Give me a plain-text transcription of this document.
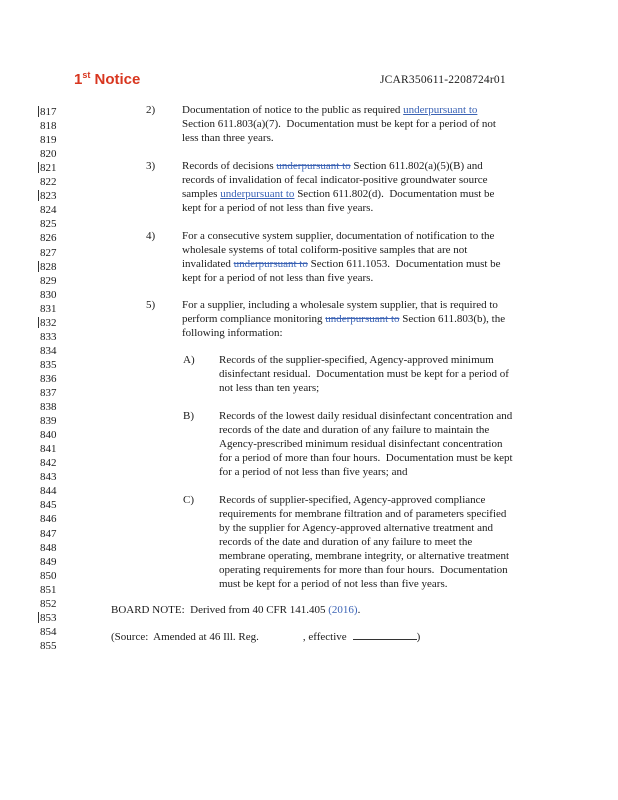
1st Notice	JCAR350611-2208724r01
817
818
819
820
821
822
823
824
825
826
827
828
829
830
831
832
833
834
835
836
837
838
839
840
841
842
843
844
845
846
847
848
849
850
851
852
853
854
855
2) Documentation of notice to the public as required underpursuant to
Section 611.803(a)(7).  Documentation must be kept for a period of not
less than three years.
3) Records of decisions underpursuant to Section 611.802(a)(5)(B) and
records of invalidation of fecal indicator-positive groundwater source
samples underpursuant to Section 611.802(d).  Documentation must be
kept for a period of not less than five years.
4) For a consecutive system supplier, documentation of notification to the
wholesale systems of total coliform-positive samples that are not
invalidated underpursuant to Section 611.1053.  Documentation must be
kept for a period of not less than five years.
5) For a supplier, including a wholesale system supplier, that is required to
perform compliance monitoring underpursuant to Section 611.803(b), the
following information:
A) Records of the supplier-specified, Agency-approved minimum
disinfectant residual.  Documentation must be kept for a period of
not less than ten years;
B) Records of the lowest daily residual disinfectant concentration and
records of the date and duration of any failure to maintain the
Agency-prescribed minimum residual disinfectant concentration
for a period of more than four hours.  Documentation must be kept
for a period of not less than five years; and
C) Records of supplier-specified, Agency-approved compliance
requirements for membrane filtration and of parameters specified
by the supplier for Agency-approved alternative treatment and
records of the date and duration of any failure to meet the
membrane operating, membrane integrity, or alternative treatment
operating requirements for more than four hours.  Documentation
must be kept for a period of not less than five years.
BOARD NOTE:  Derived from 40 CFR 141.405 (2016).
(Source:  Amended at 46 Ill. Reg.	, effective	)
